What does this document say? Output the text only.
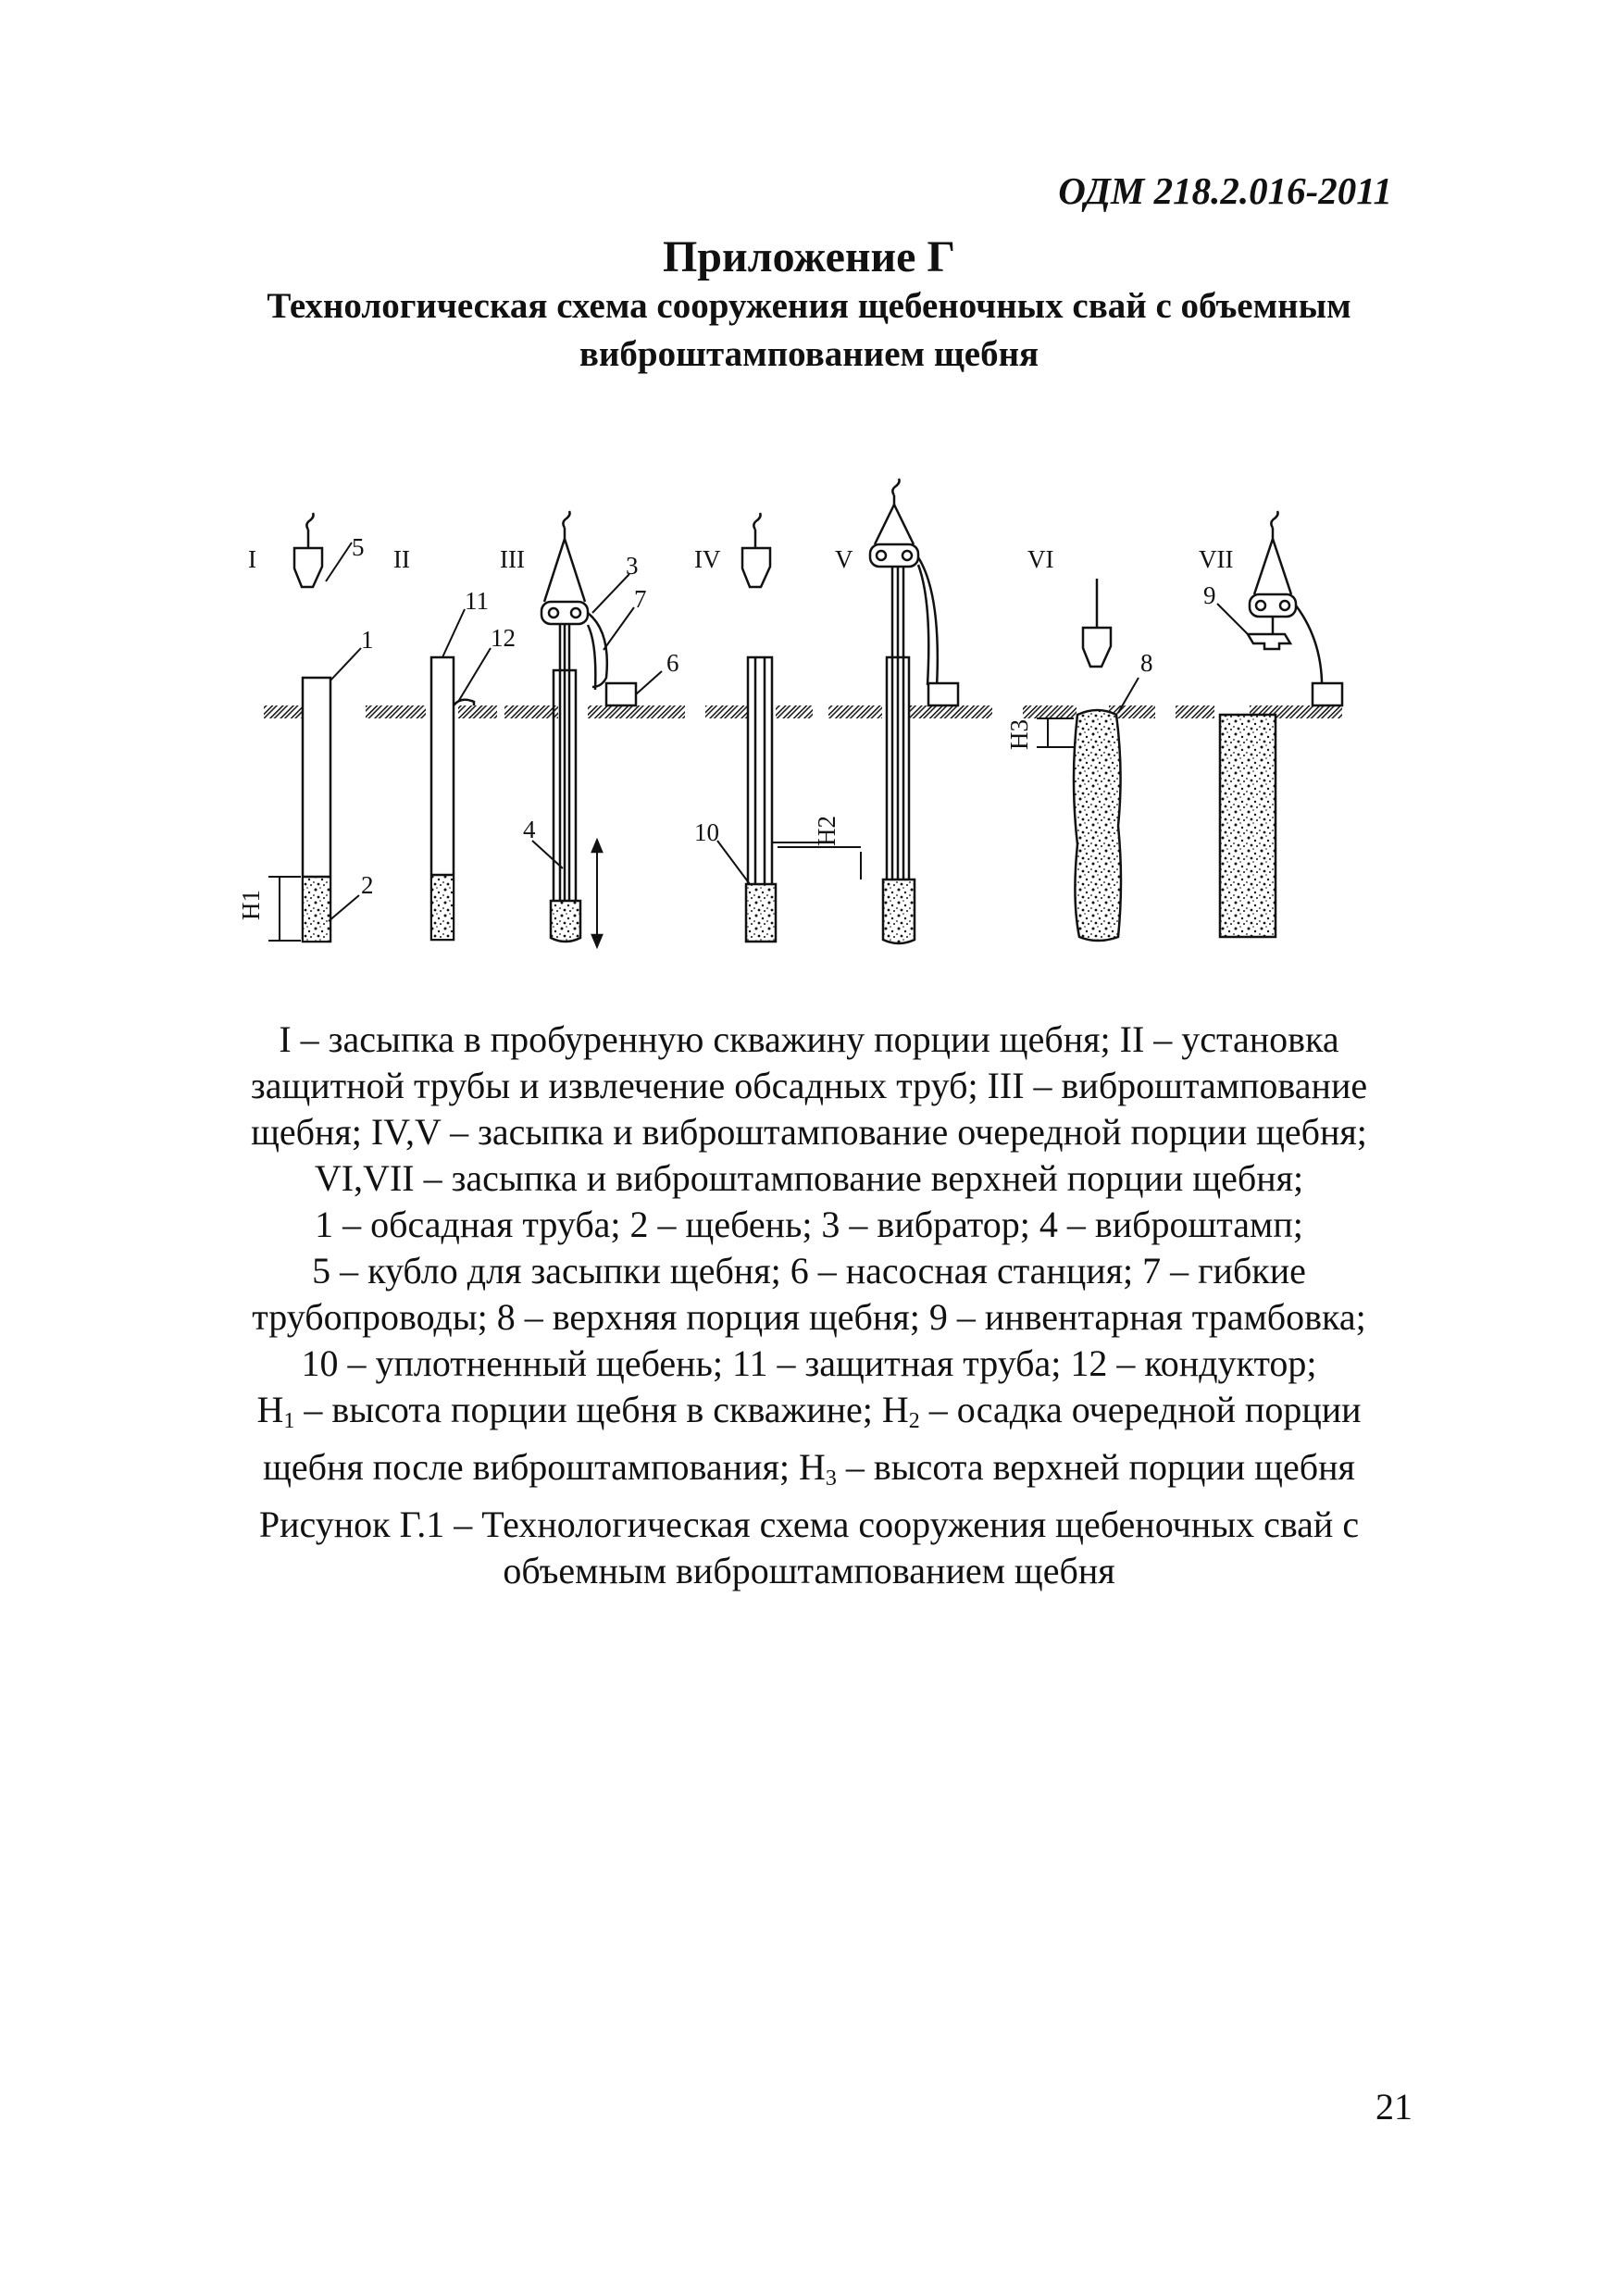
ОДМ 218.2.016-2011
Приложение Г
Технологическая схема сооружения щебеночных свай с объемным
виброштампованием щебня
I	II	III	IV	V	VI	VII
1
2
3
4
5
6
7
8
9
10
11
12
H1
H2
H3
I – засыпка в пробуренную скважину порции щебня; II – установка
защитной трубы и извлечение обсадных труб; III – виброштампование
щебня; IV,V – засыпка и виброштампование очередной порции щебня;
VI,VII – засыпка и виброштампование верхней порции щебня;
1 – обсадная труба; 2 – щебень; 3 – вибратор; 4 – виброштамп;
5 – кубло для засыпки щебня; 6 – насосная станция; 7 – гибкие
трубопроводы; 8 – верхняя порция щебня; 9 – инвентарная трамбовка;
10 – уплотненный щебень; 11 – защитная труба; 12 – кондуктор;
$H_1$ – высота порции щебня в скважине; $H_2$ – осадка очередной порции
щебня после виброштампования; $H_3$ – высота верхней порции щебня
Рисунок Г.1 – Технологическая схема сооружения щебеночных свай с
объемным виброштампованием щебня
21
